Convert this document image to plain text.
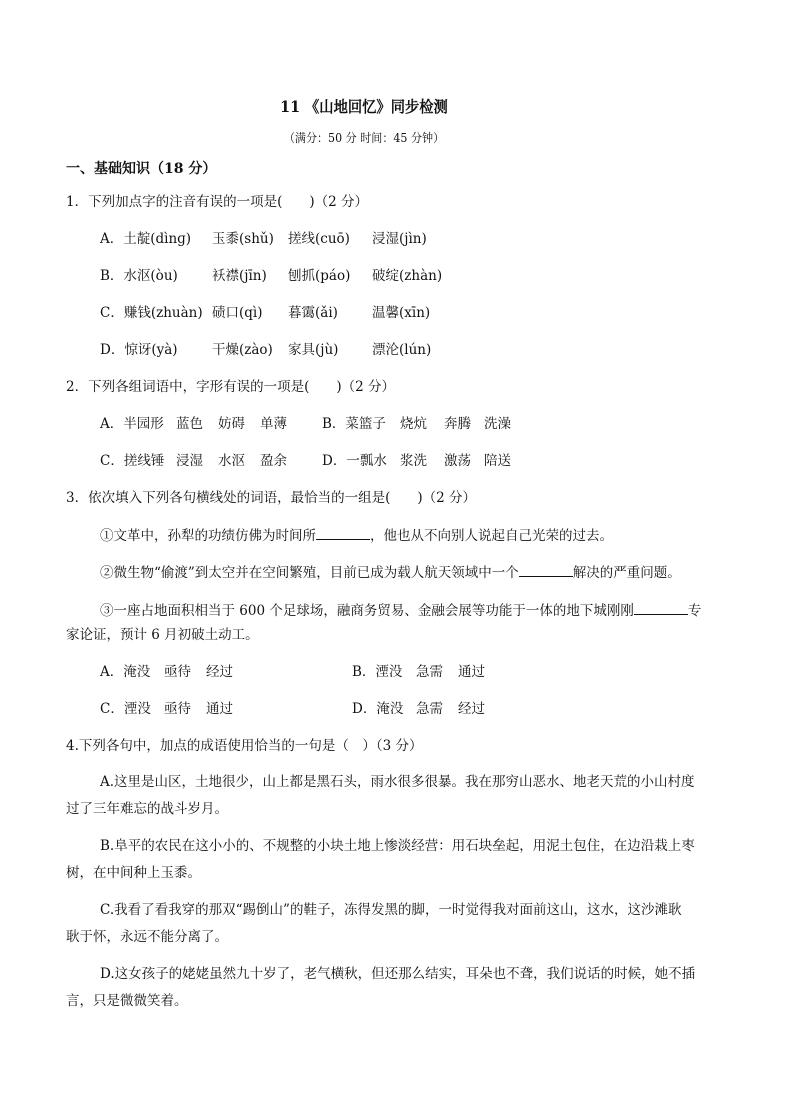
11 《山地回忆》同步检测
（满分：50 分 时间：45 分钟）
一、基础知识（18 分）
1．下列加点字的注音有误的一项是(　　)（2 分）
A．土靛(dìnɡ) 玉黍(shǔ) 搓线(cuō) 浸湿(jìn)
B．水沤(òu)	袄襟(jīn) 刨抓(páo) 破绽(zhàn)
C．赚钱(zhuàn) 碛口(qì) 暮霭(ǎi)	温馨(xīn)
D．惊讶(yà)	干燥(zào) 家具(jù) 漂沦(lún)
2．下列各组词语中，字形有误的一项是(　　)（2 分）
A．半园形 蓝色 妨碍 单薄	B．菜篮子 烧炕 奔腾 洗澡
C．搓线锤 浸湿 水沤 盈余	D．一瓢水 浆洗 激荡 陪送
3．依次填入下列各句横线处的词语，最恰当的一组是(　　)（2 分）
①文革中，孙犁的功绩仿佛为时间所	，他也从不向别人说起自己光荣的过去。
②微生物“偷渡”到太空并在空间繁殖，目前已成为载人航天领域中一个	解决的严重问题。
③一座占地面积相当于 600 个足球场，融商务贸易、金融会展等功能于一体的地下城刚刚	专
家论证，预计 6 月初破土动工。
A．淹没 亟待 经过	B．湮没 急需 通过
C．湮没 亟待 通过	D．淹没 急需 经过
4.下列各句中，加点的成语使用恰当的一句是（　）（3 分）
A.这里是山区，土地很少，山上都是黑石头，雨水很多很暴。我在那穷山恶水、地老天荒的小山村度
过了三年难忘的战斗岁月。
B.阜平的农民在这小小的、不规整的小块土地上惨淡经营：用石块垒起，用泥土包住，在边沿栽上枣
树，在中间种上玉黍。
C.我看了看我穿的那双“踢倒山”的鞋子，冻得发黑的脚，一时觉得我对面前这山，这水，这沙滩耿
耿于怀，永远不能分离了。
D.这女孩子的姥姥虽然九十岁了，老气横秋，但还那么结实，耳朵也不聋，我们说话的时候，她不插
言，只是微微笑着。
